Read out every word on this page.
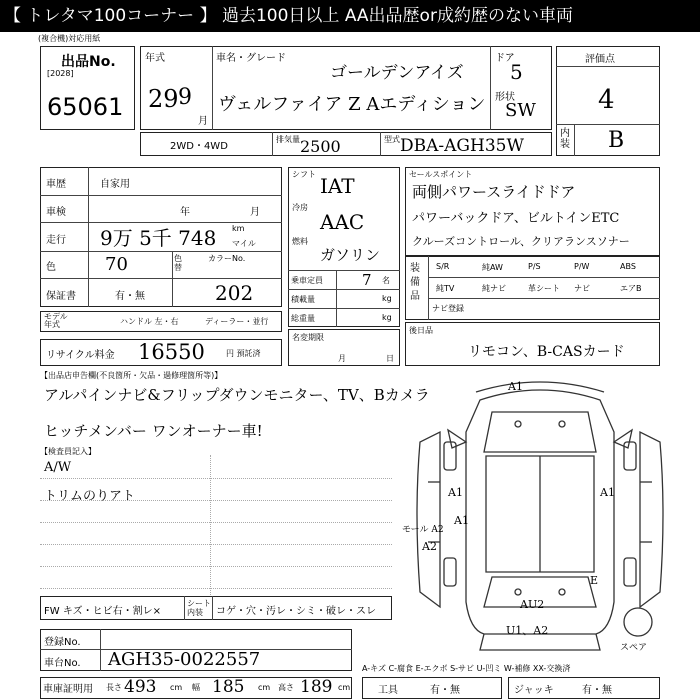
【 トレタマ100コーナー 】 過去100日以上 AA出品歴or成約歴のない車両
(複合機)対応用紙
出品No.
[2028]
65061
年式
29 9
月
車名・グレード
ゴールデンアイズ
ヴェルファイア Z Aエディション
ドア
5
形状
SW
評価点
4
内装 B
2WD・4WD
排気量 2500	型式 DBA-AGH35W
車歴	自家用
車検	年	月
走行 9万 5千 748 km
マイル
色	70	色替
カラーNo.
保証書	有・無	202
モデル年式	ハンドル 左・右	ディーラー・並行
シフト IAT
冷房
AAC
燃料
ガソリン
乗車定員	7 名
積載量	kg
総重量	kg
名変期限
月	日
セールスポイント
両側パワースライドドア
パワーバックドア、ビルトインETC
クルーズコントロール、クリアランスソナー
装備品
S/R	純AW	P/S	P/W	ABS
純TV	純ナビ	革シート ナビ	エアB
ナビ登録
リサイクル料金 16550	円 預託済
後日品
リモコン、B-CASカード
【出品店申告欄(不良箇所・欠品・過修理箇所等)】
アルパインナビ&フリップダウンモニター、TV、Bカメラ
ヒッチメンバー ワンオーナー車!
【検査員記入】
A/W
トリムのりアト
FW キズ・ヒビ右・割レ×
シート内装	コゲ・穴・汚レ・シミ・破レ・スレ
登録No.
車台No. AGH35-0022557	A-キズ C-腐食 E-エクボ S-サビ U-凹ミ W-補修 XX-交換済
車庫証明用 長さ 493 cm 幅 185 cm 高さ 189 cm	工具	有・無	ジャッキ	有・無
A1
A1
A1
A1
A2
AU2
U1、A2
モール A2
E
スペア
